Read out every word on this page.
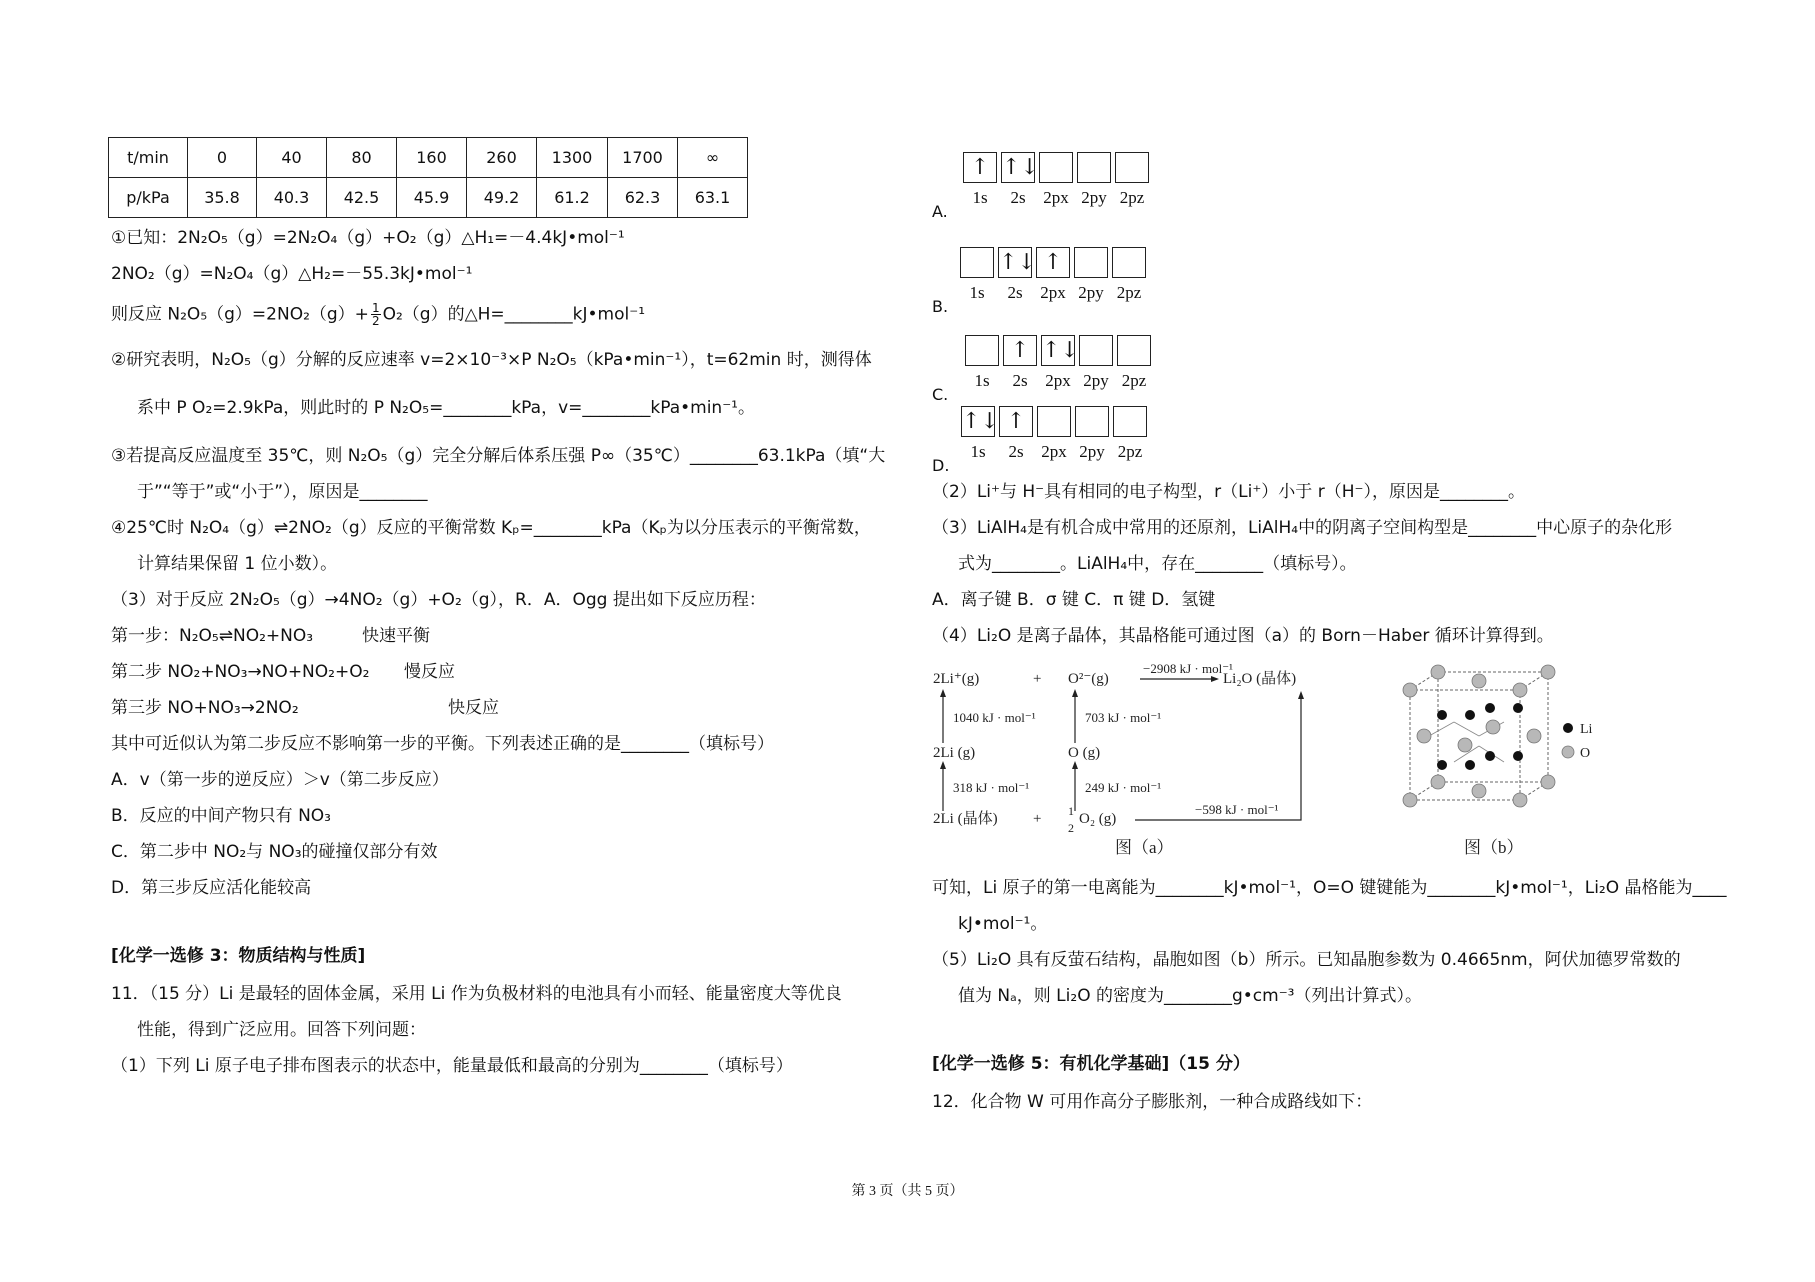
t/min	0	40	80	160	260	1300	1700	∞
p/kPa	35.8	40.3	42.5	45.9	49.2	61.2	62.3	63.1
①已知：2N₂O₅（g）=2N₂O₄（g）+O₂（g）△H₁=－4.4kJ•mol⁻¹
2NO₂（g）=N₂O₄（g）△H₂=－55.3kJ•mol⁻¹
则反应 $N_2O_5(g)=2NO_2(g)+ \frac{1}{2} O_2(g)$的△H=________kJ•mol⁻¹
②研究表明，N₂O₅（g）分解的反应速率 v=2×10⁻³×P N₂O₅（kPa•min⁻¹），t=62min 时，测得体
系中 P O₂=2.9kPa，则此时的 P N₂O₅=________kPa，v=________kPa•min⁻¹。
③若提高反应温度至 35℃，则 N₂O₅（g）完全分解后体系压强 P∞（35℃）________63.1kPa（填“大
于”“等于”或“小于”），原因是________
④25℃时 N₂O₄（g）⇌2NO₂（g）反应的平衡常数 Kₚ=________kPa（Kₚ为以分压表示的平衡常数，
计算结果保留 1 位小数）。
（3）对于反应 2N₂O₅（g）→4NO₂（g）+O₂（g），R．A．Ogg 提出如下反应历程：
第一步：N₂O₅⇌NO₂+NO₃	快速平衡
第二步 NO₂+NO₃→NO+NO₂+O₂ 慢反应
第三步 NO+NO₃→2NO₂	快反应
其中可近似认为第二步反应不影响第一步的平衡。下列表述正确的是________（填标号）
A．v（第一步的逆反应）＞v（第二步反应）
B．反应的中间产物只有 NO₃
C．第二步中 NO₂与 NO₃的碰撞仅部分有效
D．第三步反应活化能较高
[化学一选修 3：物质结构与性质]
11．（15 分）Li 是最轻的固体金属，采用 Li 作为负极材料的电池具有小而轻、能量密度大等优良
性能，得到广泛应用。回答下列问题：
（1）下列 Li 原子电子排布图表示的状态中，能量最低和最高的分别为________（填标号）
A.
↑
1s
↑↓
2s	2px 2py 2pz
B.
1s
↑↓
2s
↑
2px 2py 2pz
C.
1s
↑
2s
↑↓
2px 2py 2pz
D.
↑↓
1s
↑
2s	2px 2py 2pz
（2）Li⁺与 H⁻具有相同的电子构型，r（Li⁺）小于 r（H⁻），原因是________。
（3）LiAlH₄是有机合成中常用的还原剂，LiAlH₄中的阴离子空间构型是________中心原子的杂化形
式为________。LiAlH₄中，存在________（填标号）。
A．离子键 B．σ 键 C．π 键 D．氢键
（4）Li₂O 是离子晶体，其晶格能可通过图（a）的 Born－Haber 循环计算得到。
2Li⁺(g)	+ O²⁻(g)
−2908 kJ · mol⁻¹
Li₂O (晶体)
1040 kJ · mol⁻¹	703 kJ · mol⁻¹
2Li (g)	O (g)
318 kJ · mol⁻¹	249 kJ · mol⁻¹
2Li (晶体) + 1
2
O₂ (g)
−598 kJ · mol⁻¹
图（a）
Li
O
图（b）
可知，Li 原子的第一电离能为________kJ•mol⁻¹，O=O 键键能为________kJ•mol⁻¹，Li₂O 晶格能为____
kJ•mol⁻¹。
（5）Li₂O 具有反萤石结构，晶胞如图（b）所示。已知晶胞参数为 0.4665nm，阿伏加德罗常数的
值为 Nₐ，则 Li₂O 的密度为________g•cm⁻³（列出计算式）。
[化学一选修 5：有机化学基础]（15 分）
12．化合物 W 可用作高分子膨胀剂，一种合成路线如下：
第 3 页（共 5 页）
